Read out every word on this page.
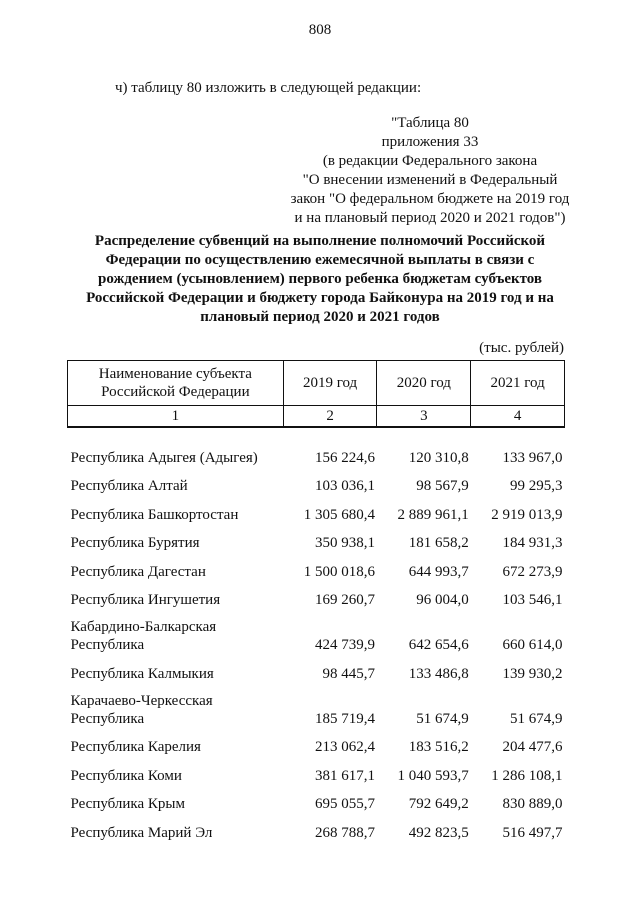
808
ч) таблицу 80 изложить в следующей редакции:
"Таблица 80
приложения 33
(в редакции Федерального закона
"О внесении изменений в Федеральный
закон "О федеральном бюджете на 2019 год
и на плановый период 2020 и 2021 годов")
Распределение субвенций на выполнение полномочий Российской
Федерации по осуществлению ежемесячной выплаты в связи с
рождением (усыновлением) первого ребенка бюджетам субъектов
Российской Федерации и бюджету города Байконура на 2019 год и на
плановый период 2020 и 2021 годов
(тыс. рублей)
Наименование субъекта
Российской Федерации	2019 год	2020 год	2021 год
1	2	3	4

Республика Адыгея (Адыгея)	156 224,6	120 310,8	133 967,0

Республика Алтай	103 036,1	98 567,9	99 295,3

Республика Башкортостан	1 305 680,4	2 889 961,1	2 919 013,9

Республика Бурятия	350 938,1	181 658,2	184 931,3

Республика Дагестан	1 500 018,6	644 993,7	672 273,9

Республика Ингушетия	169 260,7	96 004,0	103 546,1

Кабардино-Балкарская
Республика	424 739,9	642 654,6	660 614,0

Республика Калмыкия	98 445,7	133 486,8	139 930,2

Карачаево-Черкесская
Республика	185 719,4	51 674,9	51 674,9

Республика Карелия	213 062,4	183 516,2	204 477,6

Республика Коми	381 617,1	1 040 593,7	1 286 108,1

Республика Крым	695 055,7	792 649,2	830 889,0

Республика Марий Эл	268 788,7	492 823,5	516 497,7
